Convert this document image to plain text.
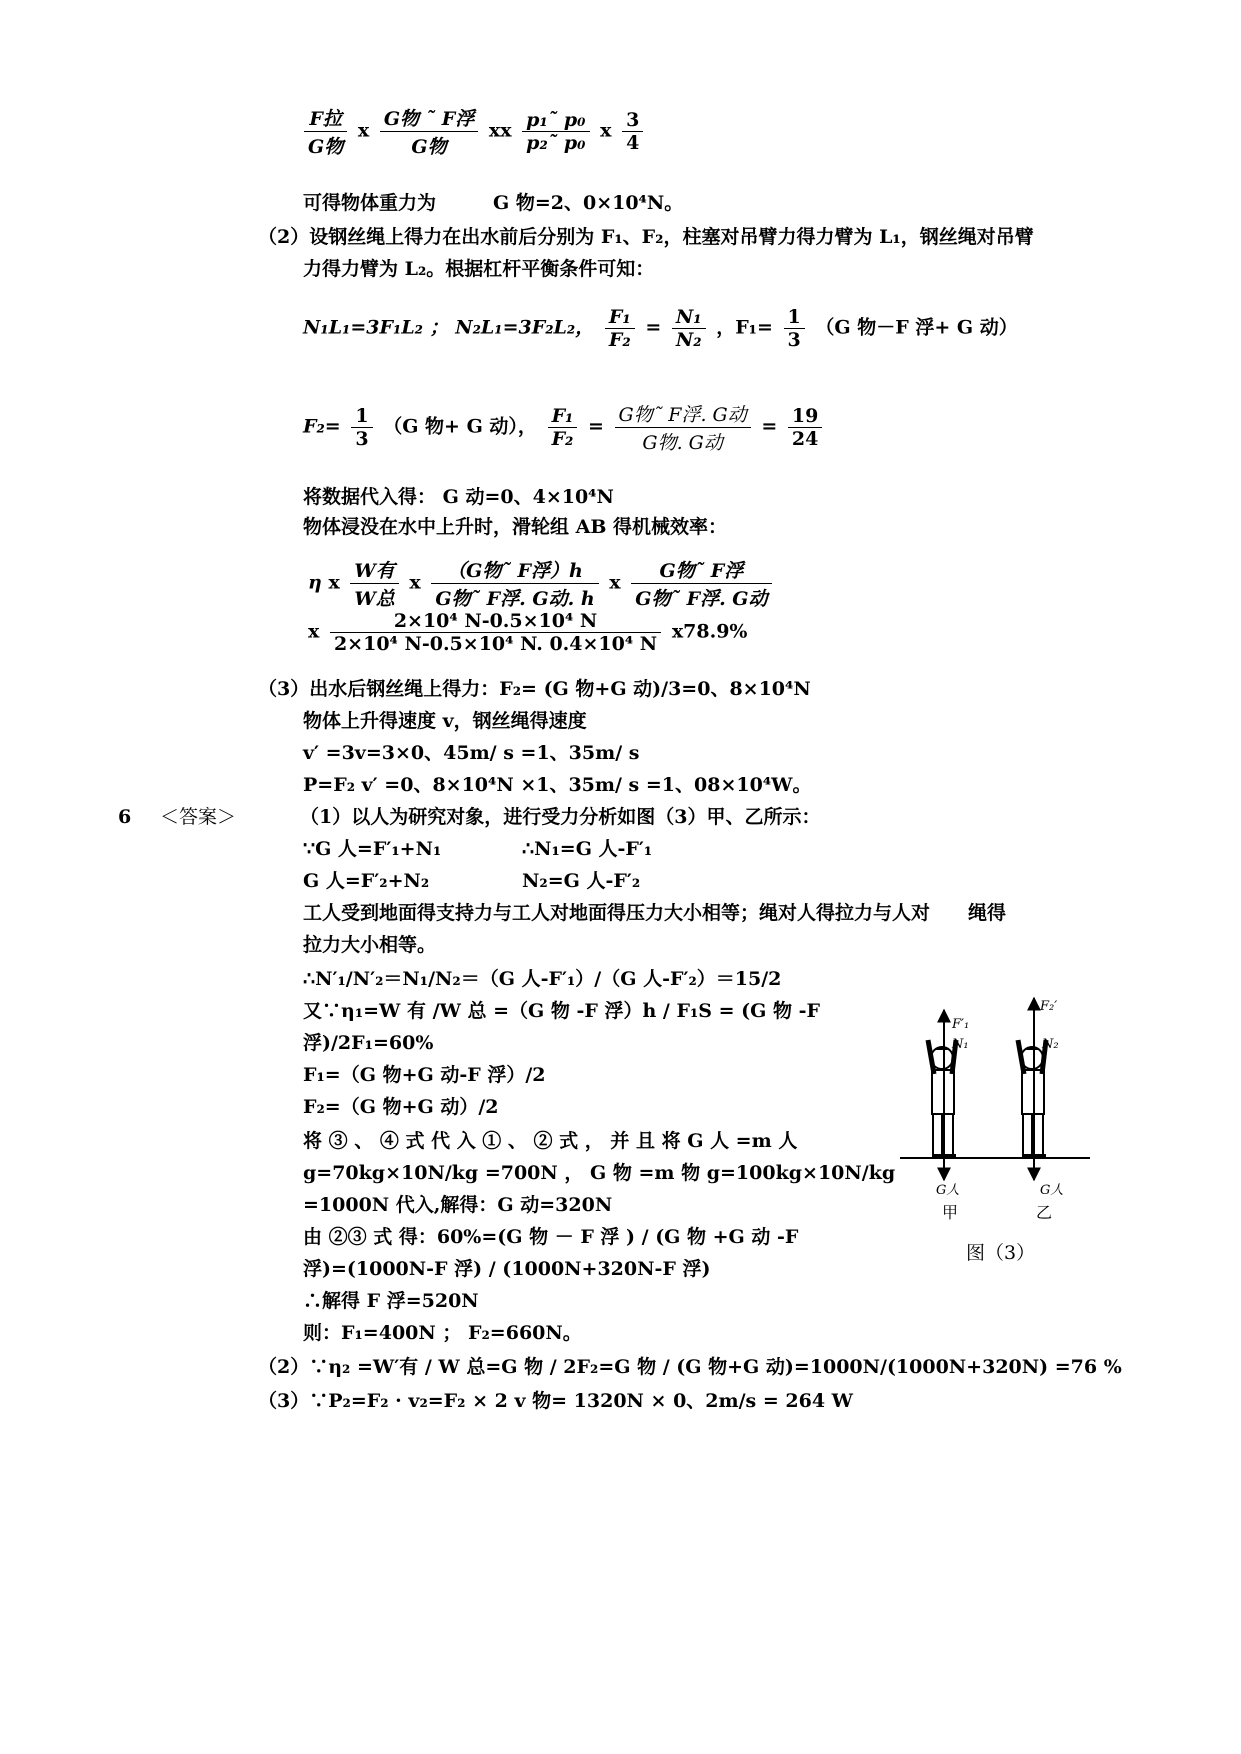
$\frac{\text{F拉}}{\text{G物}}$ ⅹ $\frac{\text{G物 ˜ F浮}}{\text{G物}}$ ⅹⅹ $\frac{\text{p₁˜ p₀}}{\text{p₂˜ p₀}}$ ⅹ $\frac{3}{4}$
可得物体重力为　　　G 物=2、0×10⁴N。
（2）设钢丝绳上得力在出水前后分别为 F₁、F₂，柱塞对吊臂力得力臂为 L₁，钢丝绳对吊臂
力得力臂为 L₂。根据杠杆平衡条件可知：
N₁L₁=3F₁L₂ ； N₂L₁=3F₂L₂， $\frac{\text{F₁}}{\text{F₂}} = \frac{\text{N₁}}{\text{N₂}}$ ，$F_1= \frac{1}{3} (G$ 物－F 浮+ G 动）
$F_2= \frac{1}{3} (G$ 物+ G 动）， $\frac{\text{F₁}}{\text{F₂}} = \frac{\text{G物˜ F浮. G动}}{\text{G物. G动}} = \frac{19}{24}$
将数据代入得： G 动=0、4×10⁴N
物体浸没在水中上升时，滑轮组 AB 得机械效率：
η ⅹ $\frac{\text{W有}}{\text{W总}}$ ⅹ $\frac{\text{（G物˜ F浮）h}}{\text{G物˜ F浮. G动. h}}$ ⅹ $\frac{\text{G物˜ F浮}}{\text{G物˜ F浮. G动}}$
ⅹ $\frac{\text{2×10⁴ N-0.5×10⁴ N}}{\text{2×10⁴ N-0.5×10⁴ N. 0.4×10⁴ N}}$ ⅹ78.9%
（3）出水后钢丝绳上得力：F₂= (G 物+G 动)/3=0、8×10⁴N
物体上升得速度 v，钢丝绳得速度
v′ =3v=3×0、45m/ s =1、35m/ s
P=F₂ v′ =0、8×10⁴N ×1、35m/ s =1、08×10⁴W。
6 ＜答案＞	（1）以人为研究对象，进行受力分析如图（3）甲、乙所示：
∵G 人=F′₁+N₁	∴N₁=G 人-F′₁
G 人=F′₂+N₂	N₂=G 人-F′₂
工人受到地面得支持力与工人对地面得压力大小相等；绳对人得拉力与人对　　绳得
拉力大小相等。
∴N′₁/N′₂＝N₁/N₂＝（G 人-F′₁）/（G 人-F′₂）＝15/2
又∵η₁=W 有 /W 总 =（G 物 -F 浮）h / F₁S = (G 物 -F
浮)/2F₁=60%
F₁=（G 物+G 动-F 浮）/2
F₂=（G 物+G 动）/2
将 ③ 、 ④ 式 代 入 ① 、 ② 式 ， 并 且 将 G 人 =m 人
g=70kg×10N/kg =700N ， G 物 =m 物 g=100kg×10N/kg
=1000N 代入,解得：G 动=320N
由 ②③ 式 得：60%=(G 物 － F 浮 ) / (G 物 +G 动 -F
浮)=(1000N-F 浮) / (1000N+320N-F 浮)
∴解得 F 浮=520N
则：F₁=400N ； F₂=660N。
（2）∵η₂ =W′有 / W 总=G 物 / 2F₂=G 物 / (G 物+G 动)=1000N/(1000N+320N) =76 %
（3）∵P₂=F₂ · v₂=F₂ × 2 v 物= 1320N × 0、2m/s = 264 W
F′₁
N₁
G人
甲
F₂′
N₂
G人
乙
图（3）
